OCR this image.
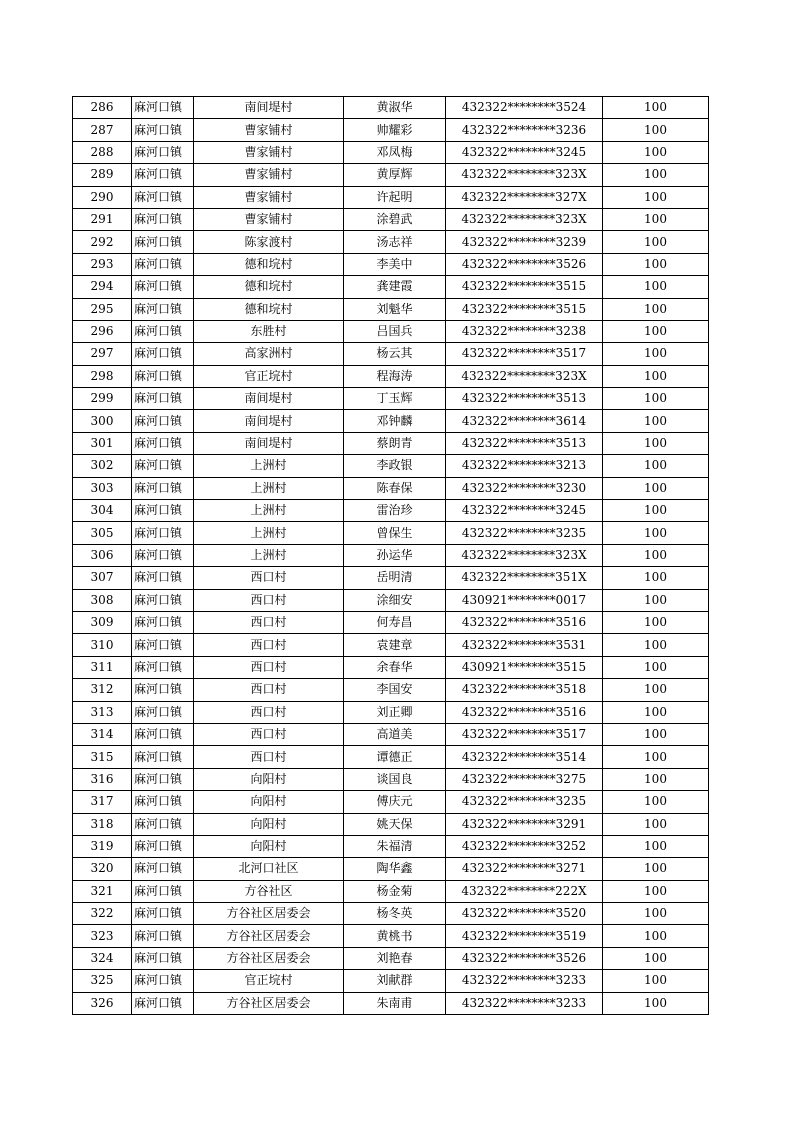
286	麻河口镇	南间堤村	黄淑华	432322********3524	100
287	麻河口镇	曹家铺村	帅耀彩	432322********3236	100
288	麻河口镇	曹家铺村	邓凤梅	432322********3245	100
289	麻河口镇	曹家铺村	黄厚辉	432322********323X	100
290	麻河口镇	曹家铺村	许起明	432322********327X	100
291	麻河口镇	曹家铺村	涂碧武	432322********323X	100
292	麻河口镇	陈家渡村	汤志祥	432322********3239	100
293	麻河口镇	德和垸村	李美中	432322********3526	100
294	麻河口镇	德和垸村	龚建霞	432322********3515	100
295	麻河口镇	德和垸村	刘魁华	432322********3515	100
296	麻河口镇	东胜村	吕国兵	432322********3238	100
297	麻河口镇	高家洲村	杨云其	432322********3517	100
298	麻河口镇	官正垸村	程海涛	432322********323X	100
299	麻河口镇	南间堤村	丁玉辉	432322********3513	100
300	麻河口镇	南间堤村	邓钟麟	432322********3614	100
301	麻河口镇	南间堤村	蔡朗青	432322********3513	100
302	麻河口镇	上洲村	李政银	432322********3213	100
303	麻河口镇	上洲村	陈春保	432322********3230	100
304	麻河口镇	上洲村	雷治珍	432322********3245	100
305	麻河口镇	上洲村	曾保生	432322********3235	100
306	麻河口镇	上洲村	孙运华	432322********323X	100
307	麻河口镇	西口村	岳明清	432322********351X	100
308	麻河口镇	西口村	涂细安	430921********0017	100
309	麻河口镇	西口村	何寿昌	432322********3516	100
310	麻河口镇	西口村	袁建章	432322********3531	100
311	麻河口镇	西口村	余春华	430921********3515	100
312	麻河口镇	西口村	李国安	432322********3518	100
313	麻河口镇	西口村	刘正卿	432322********3516	100
314	麻河口镇	西口村	高道美	432322********3517	100
315	麻河口镇	西口村	谭德正	432322********3514	100
316	麻河口镇	向阳村	谈国良	432322********3275	100
317	麻河口镇	向阳村	傅庆元	432322********3235	100
318	麻河口镇	向阳村	姚天保	432322********3291	100
319	麻河口镇	向阳村	朱福清	432322********3252	100
320	麻河口镇	北河口社区	陶华鑫	432322********3271	100
321	麻河口镇	方谷社区	杨金菊	432322********222X	100
322	麻河口镇	方谷社区居委会	杨冬英	432322********3520	100
323	麻河口镇	方谷社区居委会	黄桃书	432322********3519	100
324	麻河口镇	方谷社区居委会	刘艳春	432322********3526	100
325	麻河口镇	官正垸村	刘献群	432322********3233	100
326	麻河口镇	方谷社区居委会	朱南甫	432322********3233	100
